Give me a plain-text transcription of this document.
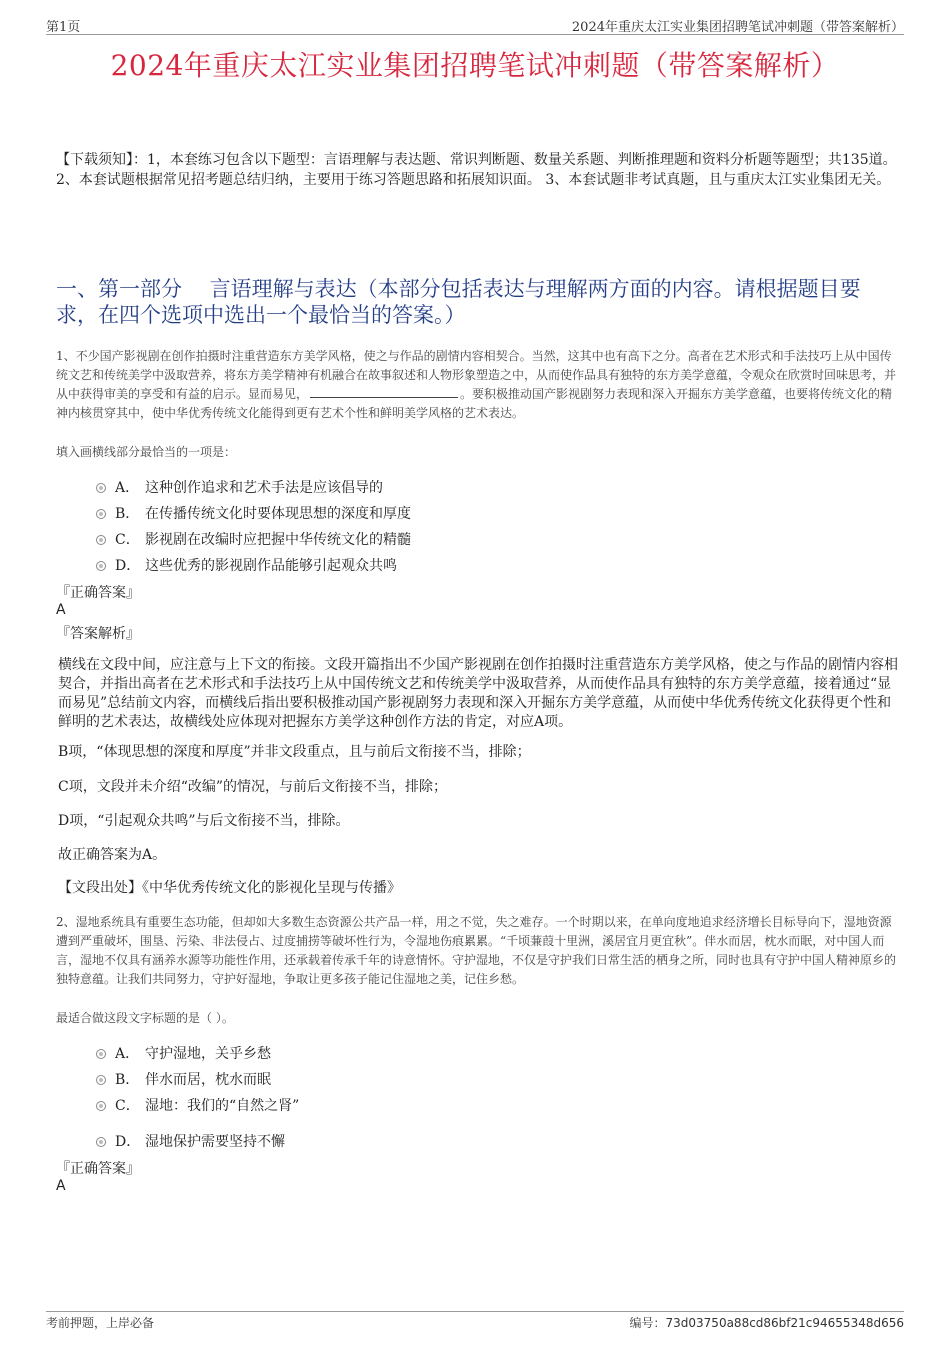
第1页	2024年重庆太江实业集团招聘笔试冲刺题（带答案解析）
2024年重庆太江实业集团招聘笔试冲刺题（带答案解析）
【下载须知】：1，本套练习包含以下题型：言语理解与表达题、常识判断题、数量关系题、判断推理题和资料分析题等题型；共135道。 2、本套试题根据常见招考题总结归纳，主要用于练习答题思路和拓展知识面。 3、本套试题非考试真题，且与重庆太江实业集团无关。
一、第一部分　 言语理解与表达（本部分包括表达与理解两方面的内容。请根据题目要求，在四个选项中选出一个最恰当的答案。）
1、不少国产影视剧在创作拍摄时注重营造东方美学风格，使之与作品的剧情内容相契合。当然，这其中也有高下之分。高者在艺术形式和手法技巧上从中国传统文艺和传统美学中汲取营养，将东方美学精神有机融合在故事叙述和人物形象塑造之中，从而使作品具有独特的东方美学意蕴，令观众在欣赏时回味思考，并从中获得审美的享受和有益的启示。显而易见，	。要积极推动国产影视剧努力表现和深入开掘东方美学意蕴，也要将传统文化的精神内核贯穿其中，使中华优秀传统文化能得到更有艺术个性和鲜明美学风格的艺术表达。
填入画横线部分最恰当的一项是：
A． 这种创作追求和艺术手法是应该倡导的
B． 在传播传统文化时要体现思想的深度和厚度
C． 影视剧在改编时应把握中华传统文化的精髓
D． 这些优秀的影视剧作品能够引起观众共鸣
『正确答案』
A
『答案解析』
横线在文段中间，应注意与上下文的衔接。文段开篇指出不少国产影视剧在创作拍摄时注重营造东方美学风格，使之与作品的剧情内容相契合，并指出高者在艺术形式和手法技巧上从中国传统文艺和传统美学中汲取营养，从而使作品具有独特的东方美学意蕴，接着通过“显而易见”总结前文内容，而横线后指出要积极推动国产影视剧努力表现和深入开掘东方美学意蕴，从而使中华优秀传统文化获得更个性和鲜明的艺术表达，故横线处应体现对把握东方美学这种创作方法的肯定，对应A项。
B项，“体现思想的深度和厚度”并非文段重点，且与前后文衔接不当，排除；
C项，文段并未介绍“改编”的情况，与前后文衔接不当，排除；
D项，“引起观众共鸣”与后文衔接不当，排除。
故正确答案为A。
【文段出处】《中华优秀传统文化的影视化呈现与传播》
2、湿地系统具有重要生态功能，但却如大多数生态资源公共产品一样，用之不觉，失之难存。一个时期以来，在单向度地追求经济增长目标导向下，湿地资源遭到严重破坏，围垦、污染、非法侵占、过度捕捞等破坏性行为，令湿地伤痕累累。“千顷蒹葭十里洲，溪居宜月更宜秋”。伴水而居，枕水而眠，对中国人而言，湿地不仅具有涵养水源等功能性作用，还承载着传承千年的诗意情怀。守护湿地，不仅是守护我们日常生活的栖身之所，同时也具有守护中国人精神原乡的独特意蕴。让我们共同努力，守护好湿地，争取让更多孩子能记住湿地之美，记住乡愁。
最适合做这段文字标题的是（ ）。
A． 守护湿地，关乎乡愁
B． 伴水而居，枕水而眠
C． 湿地：我们的“自然之肾”
D． 湿地保护需要坚持不懈
『正确答案』
A
考前押题，上岸必备	编号：73d03750a88cd86bf21c94655348d656
